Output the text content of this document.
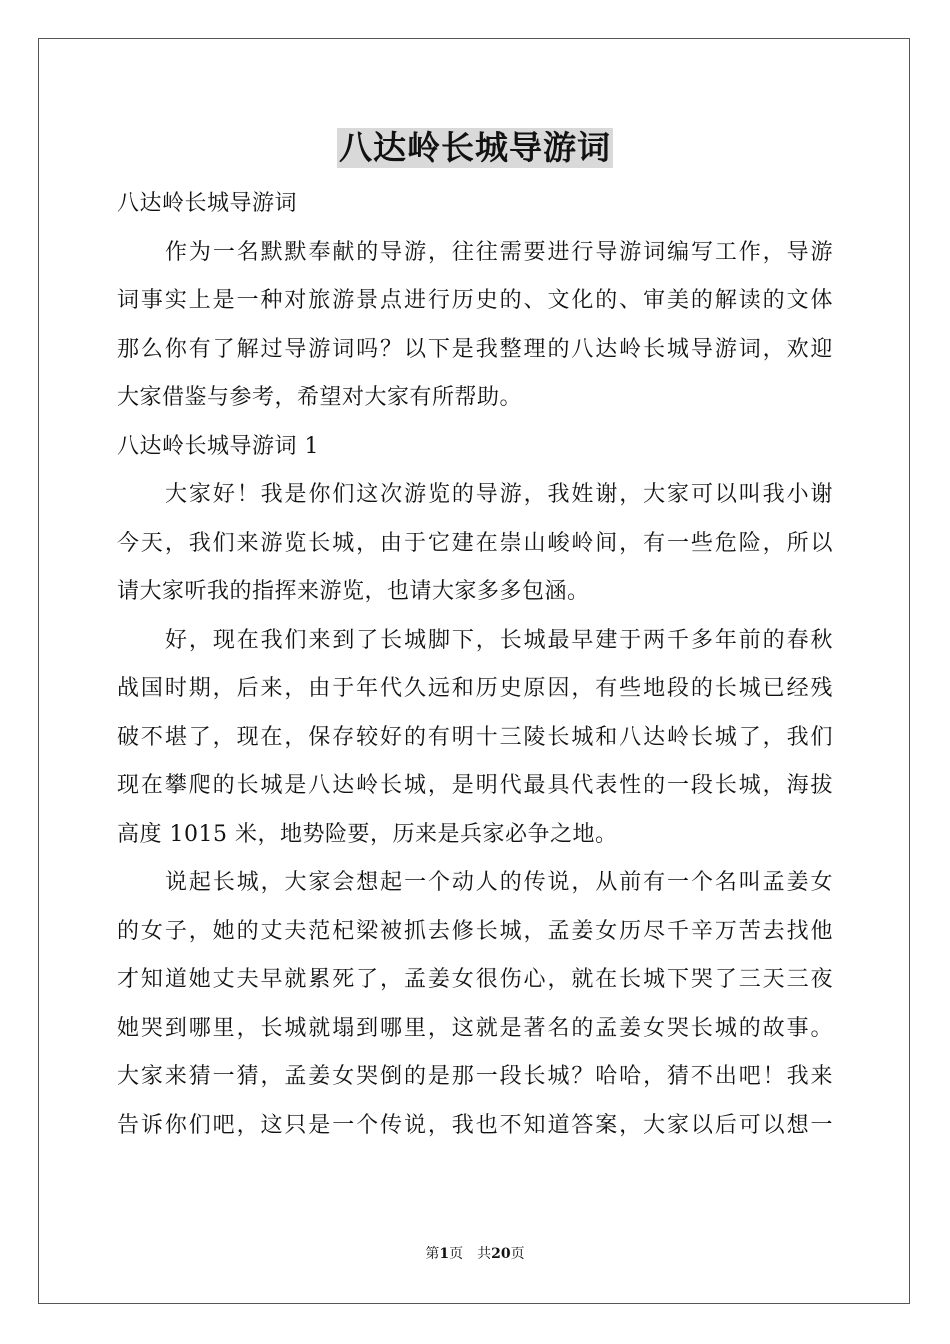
八达岭长城导游词
八达岭长城导游词
作为一名默默奉献的导游，往往需要进行导游词编写工作，导游
词事实上是一种对旅游景点进行历史的、文化的、审美的解读的文体
那么你有了解过导游词吗？以下是我整理的八达岭长城导游词，欢迎
大家借鉴与参考，希望对大家有所帮助。
八达岭长城导游词 1
大家好！我是你们这次游览的导游，我姓谢，大家可以叫我小谢
今天，我们来游览长城，由于它建在崇山峻岭间，有一些危险，所以
请大家听我的指挥来游览，也请大家多多包涵。
好，现在我们来到了长城脚下，长城最早建于两千多年前的春秋
战国时期，后来，由于年代久远和历史原因，有些地段的长城已经残
破不堪了，现在，保存较好的有明十三陵长城和八达岭长城了，我们
现在攀爬的长城是八达岭长城，是明代最具代表性的一段长城，海拔
高度 1015 米，地势险要，历来是兵家必争之地。
说起长城，大家会想起一个动人的传说，从前有一个名叫孟姜女
的女子，她的丈夫范杞梁被抓去修长城，孟姜女历尽千辛万苦去找他
才知道她丈夫早就累死了，孟姜女很伤心，就在长城下哭了三天三夜
她哭到哪里，长城就塌到哪里，这就是著名的孟姜女哭长城的故事。
大家来猜一猜，孟姜女哭倒的是那一段长城？哈哈，猜不出吧！我来
告诉你们吧，这只是一个传说，我也不知道答案，大家以后可以想一
第1页 共20页
